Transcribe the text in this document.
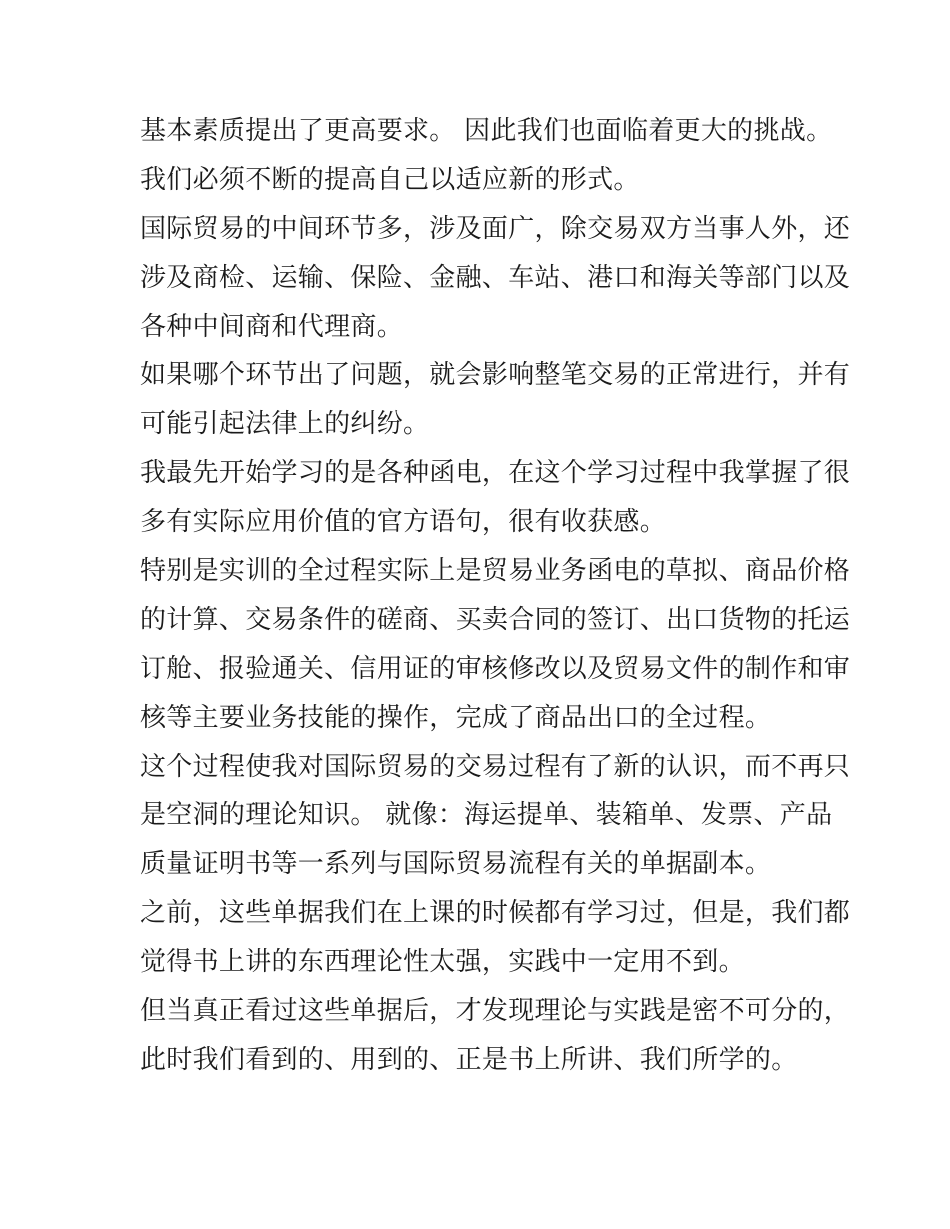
基本素质提出了更高要求。 因此我们也面临着更大的挑战。
我们必须不断的提高自己以适应新的形式。
国际贸易的中间环节多，涉及面广，除交易双方当事人外，还
涉及商检、运输、保险、金融、车站、港口和海关等部门以及
各种中间商和代理商。
如果哪个环节出了问题，就会影响整笔交易的正常进行，并有
可能引起法律上的纠纷。
我最先开始学习的是各种函电，在这个学习过程中我掌握了很
多有实际应用价值的官方语句，很有收获感。
特别是实训的全过程实际上是贸易业务函电的草拟、商品价格
的计算、交易条件的磋商、买卖合同的签订、出口货物的托运
订舱、报验通关、信用证的审核修改以及贸易文件的制作和审
核等主要业务技能的操作，完成了商品出口的全过程。
这个过程使我对国际贸易的交易过程有了新的认识，而不再只
是空洞的理论知识。 就像：海运提单、装箱单、发票、产品
质量证明书等一系列与国际贸易流程有关的单据副本。
之前，这些单据我们在上课的时候都有学习过，但是，我们都
觉得书上讲的东西理论性太强，实践中一定用不到。
但当真正看过这些单据后，才发现理论与实践是密不可分的，
此时我们看到的、用到的、正是书上所讲、我们所学的。
